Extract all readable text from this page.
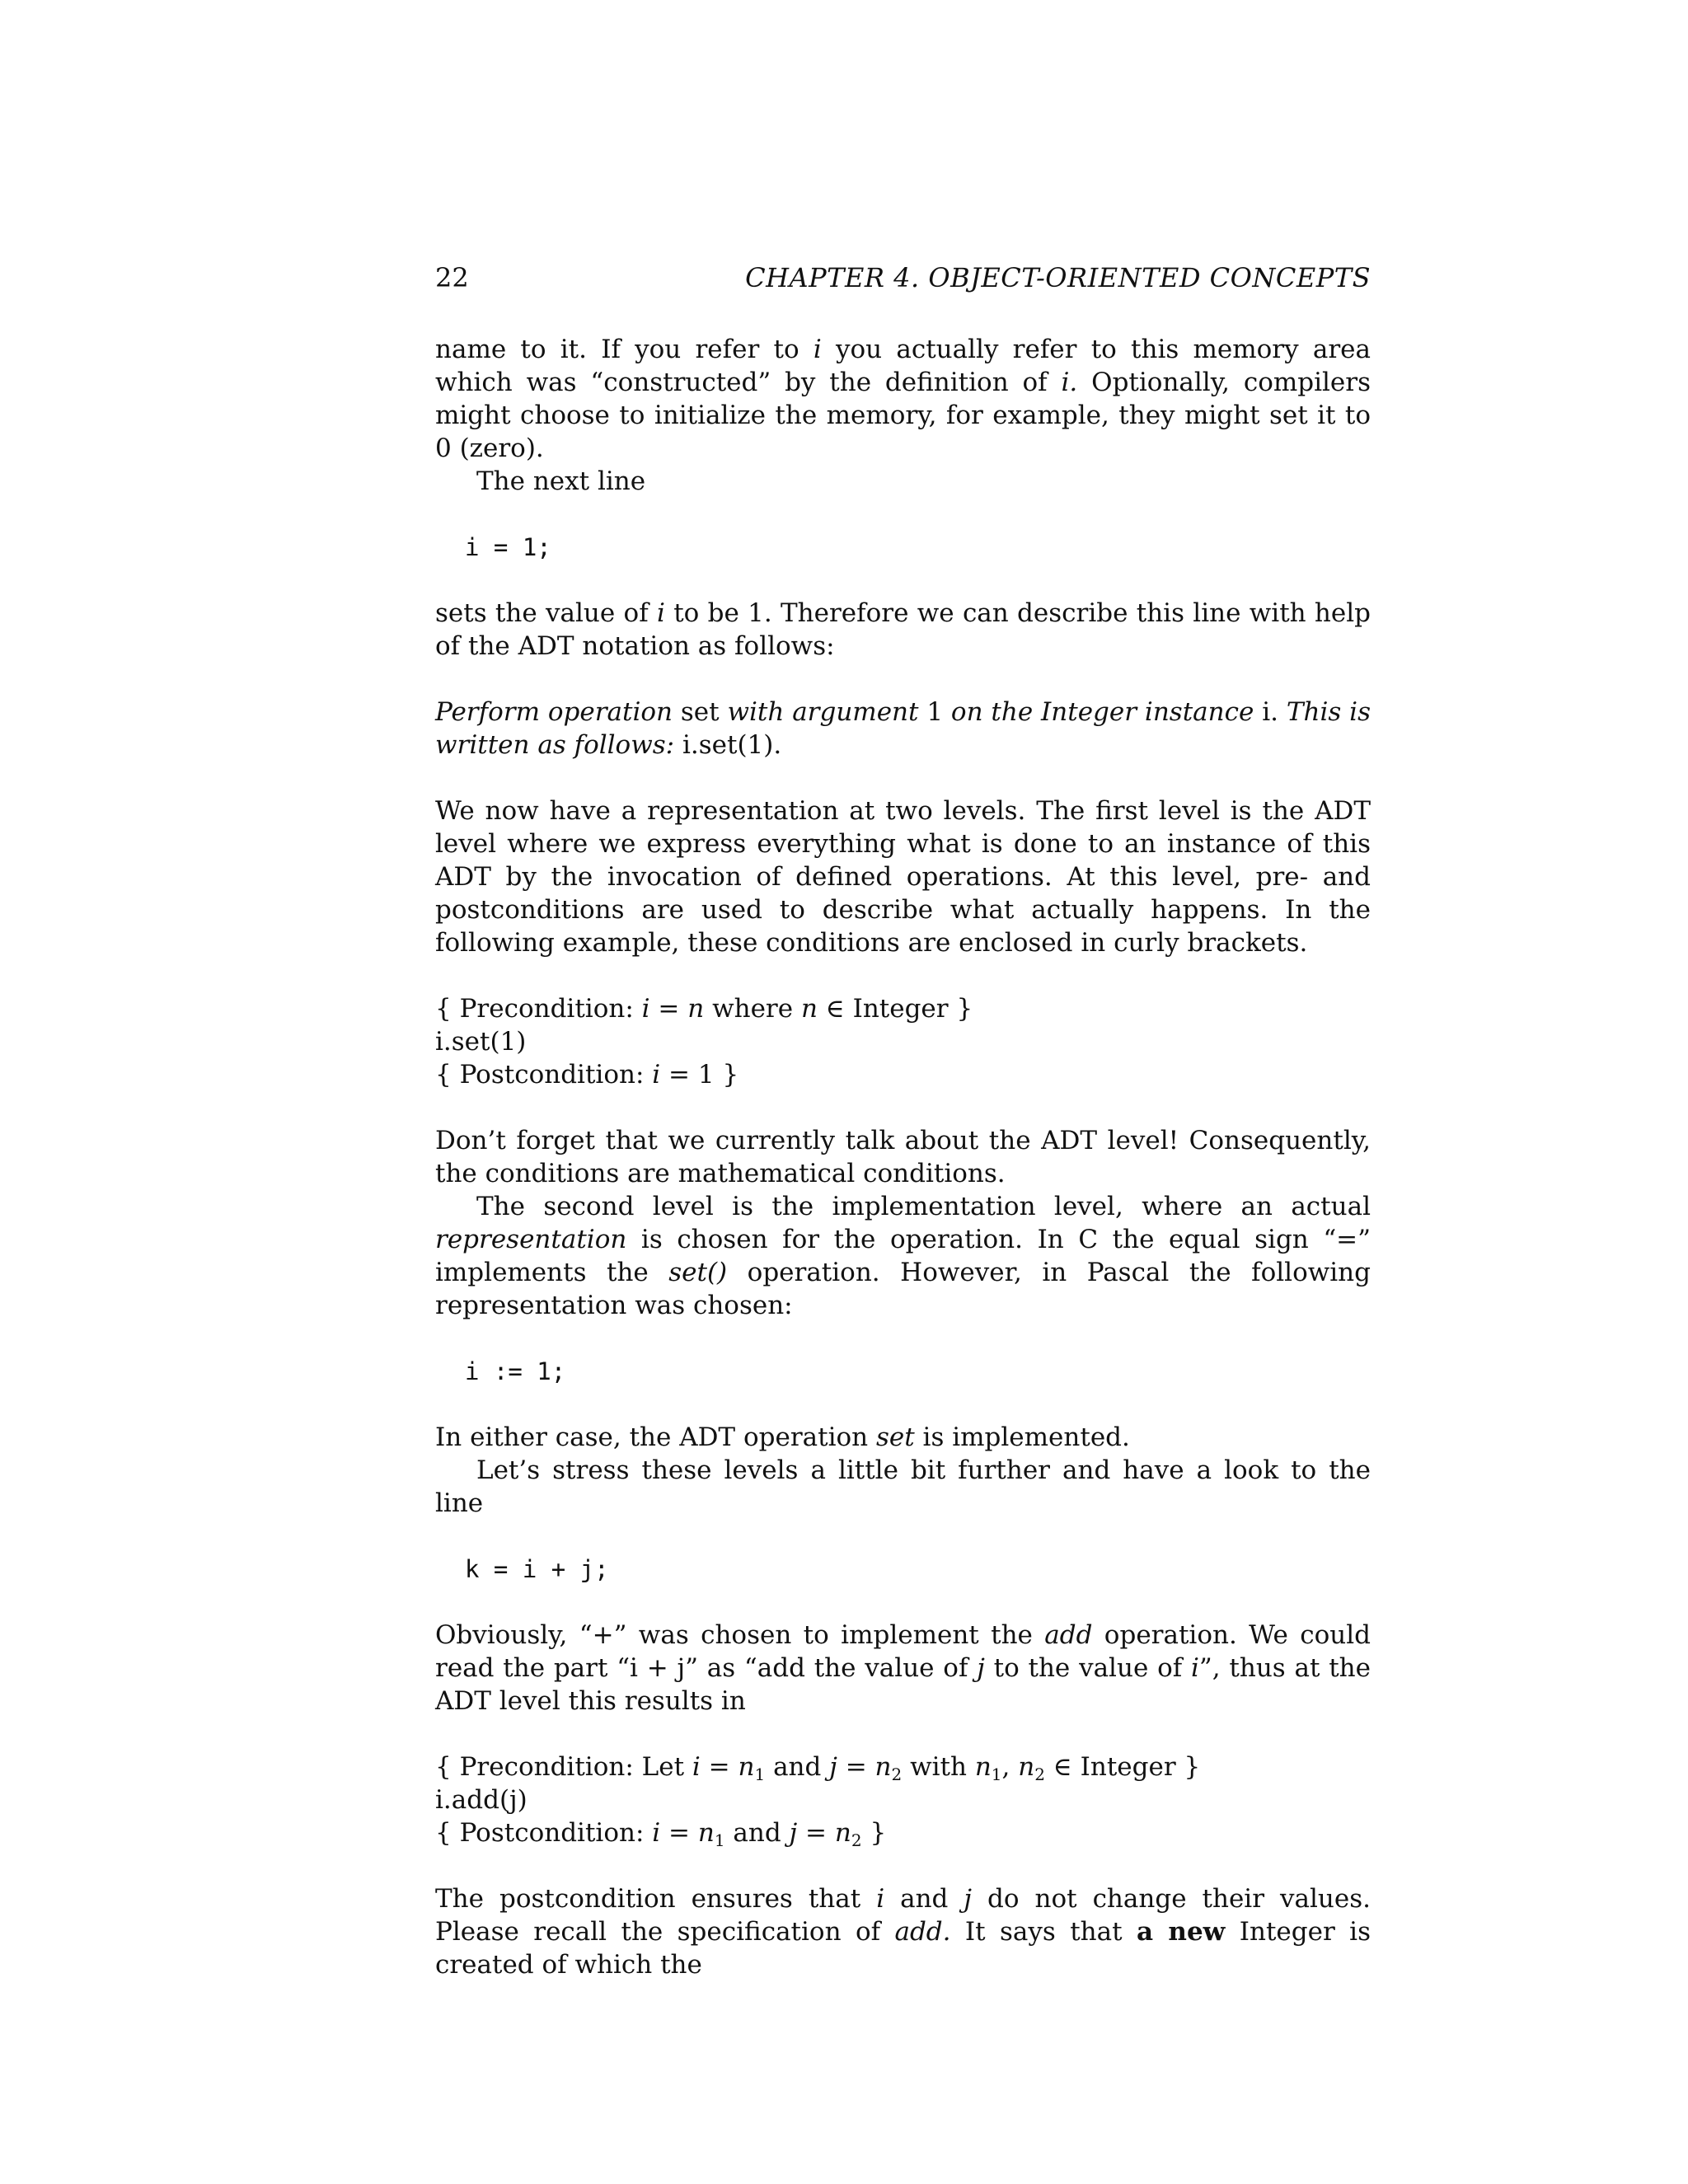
22	CHAPTER 4. OBJECT-ORIENTED CONCEPTS

name to it. If you refer to i you actually refer to this memory area which was “constructed” by the definition of i. Optionally, compilers might choose to initialize the memory, for example, they might set it to 0 (zero).

The next line

i = 1;

sets the value of i to be 1. Therefore we can describe this line with help of the ADT notation as follows:

Perform operation set with argument 1 on the Integer instance i. This is written as follows: i.set(1).

We now have a representation at two levels. The first level is the ADT level where we express everything what is done to an instance of this ADT by the invocation of defined operations. At this level, pre- and postconditions are used to describe what actually happens. In the following example, these conditions are enclosed in curly brackets.

{ Precondition: i = n where n ∈ Integer }
i.set(1)
{ Postcondition: i = 1 }

Don’t forget that we currently talk about the ADT level! Consequently, the conditions are mathematical conditions.

The second level is the implementation level, where an actual representation is chosen for the operation. In C the equal sign “=” implements the set() operation. However, in Pascal the following representation was chosen:

i := 1;

In either case, the ADT operation set is implemented.

Let’s stress these levels a little bit further and have a look to the line

k = i + j;

Obviously, “+” was chosen to implement the add operation. We could read the part “i + j” as “add the value of j to the value of i”, thus at the ADT level this results in

{ Precondition: Let $i = n_1$ and $j = n_2$ with $n_1$, $n_2$ ∈ Integer }
i.add(j)
{ Postcondition: $i = n_1$ and $j = n_2$ }

The postcondition ensures that i and j do not change their values. Please recall the specification of add. It says that a new Integer is created of which the
